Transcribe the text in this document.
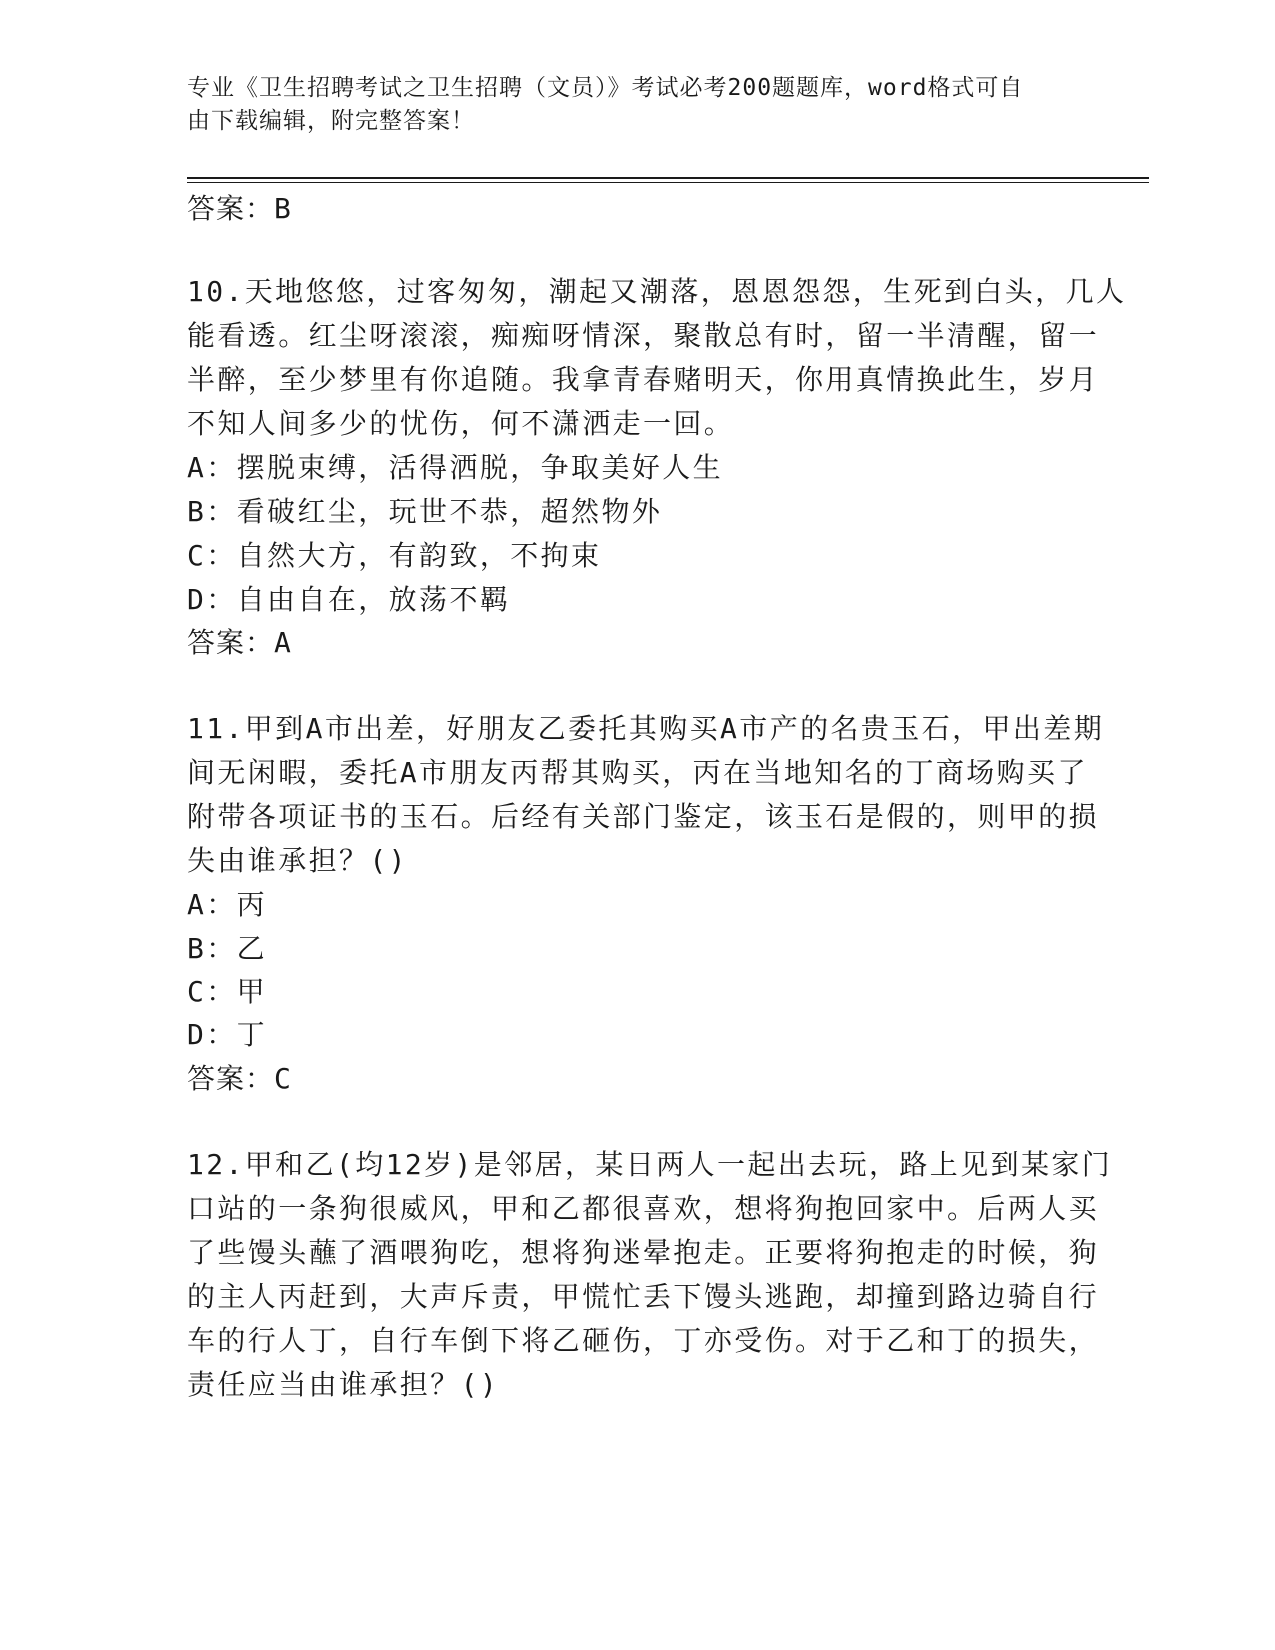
专业《卫生招聘考试之卫生招聘（文员）》考试必考200题题库，word格式可自
由下载编辑，附完整答案！
答案：B
10.天地悠悠，过客匆匆，潮起又潮落，恩恩怨怨，生死到白头，几人
能看透。红尘呀滚滚，痴痴呀情深，聚散总有时，留一半清醒，留一
半醉，至少梦里有你追随。我拿青春赌明天，你用真情换此生，岁月
不知人间多少的忧伤，何不潇洒走一回。
A：摆脱束缚，活得洒脱，争取美好人生
B：看破红尘，玩世不恭，超然物外
C：自然大方，有韵致，不拘束
D：自由自在，放荡不羁
答案：A
11.甲到A市出差，好朋友乙委托其购买A市产的名贵玉石，甲出差期
间无闲暇，委托A市朋友丙帮其购买，丙在当地知名的丁商场购买了
附带各项证书的玉石。后经有关部门鉴定，该玉石是假的，则甲的损
失由谁承担？()
A：丙
B：乙
C：甲
D：丁
答案：C
12.甲和乙(均12岁)是邻居，某日两人一起出去玩，路上见到某家门
口站的一条狗很威风，甲和乙都很喜欢，想将狗抱回家中。后两人买
了些馒头蘸了酒喂狗吃，想将狗迷晕抱走。正要将狗抱走的时候，狗
的主人丙赶到，大声斥责，甲慌忙丢下馒头逃跑，却撞到路边骑自行
车的行人丁，自行车倒下将乙砸伤，丁亦受伤。对于乙和丁的损失，
责任应当由谁承担？()
